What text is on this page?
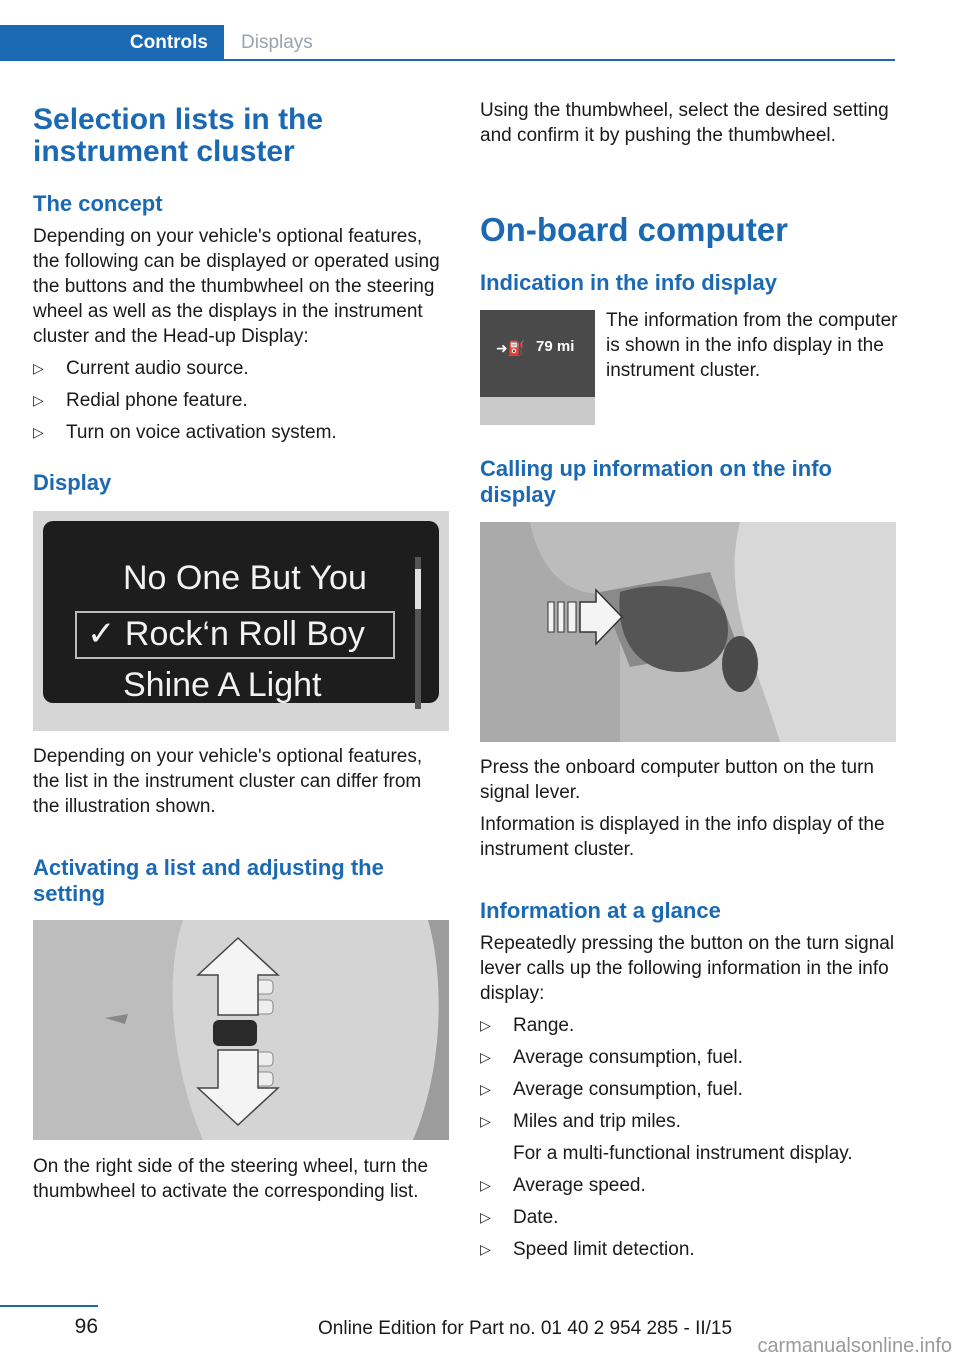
Controls	Displays
Selection lists in the instrument cluster
The concept

Depending on your vehicle's optional features, the following can be displayed or operated using the buttons and the thumbwheel on the steering wheel as well as the displays in the instrument cluster and the Head-up Display:

▷ Current audio source.
▷ Redial phone feature.
▷ Turn on voice activation system.
Display
No One But You
✓ Rock‘n Roll Boy
Shine A Light

Depending on your vehicle's optional features, the list in the instrument cluster can differ from the illustration shown.

Activating a list and adjusting the setting

On the right side of the steering wheel, turn the thumbwheel to activate the corresponding list.

Using the thumbwheel, select the desired setting and confirm it by pushing the thumbwheel.

On-board computer
Indication in the info display
➜⛽ 79 mi

The information from the computer is shown in the info display in the instrument cluster.

Calling up information on the info display

Press the onboard computer button on the turn signal lever.

Information is displayed in the info display of the instrument cluster.

Information at a glance

Repeatedly pressing the button on the turn signal lever calls up the following information in the info display:

▷ Range.
▷ Average consumption, fuel.
▷ Average consumption, fuel.
▷ Miles and trip miles.
For a multi-functional instrument display.
▷ Average speed.
▷ Date.
▷ Speed limit detection.
96	Online Edition for Part no. 01 40 2 954 285 - II/15
carmanualsonline.info
